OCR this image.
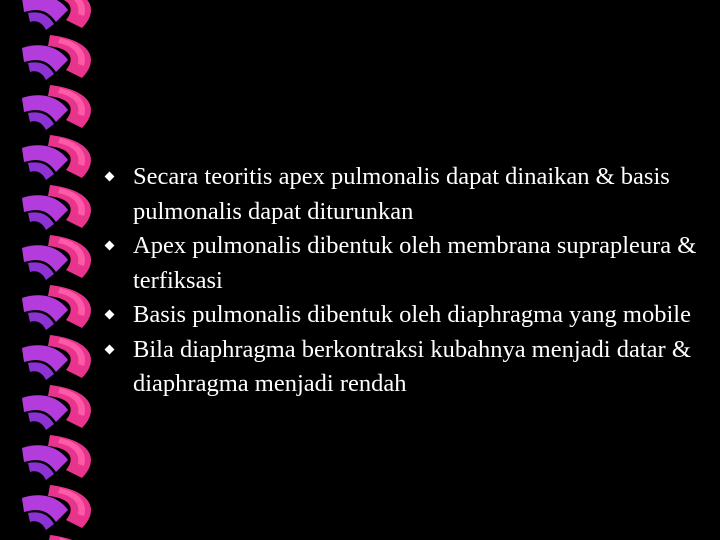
Secara teoritis apex pulmonalis dapat dinaikan & basis pulmonalis dapat diturunkan
Apex pulmonalis dibentuk oleh membrana suprapleura & terfiksasi
Basis pulmonalis dibentuk oleh diaphragma yang mobile
Bila diaphragma berkontraksi kubahnya menjadi datar & diaphragma menjadi rendah
